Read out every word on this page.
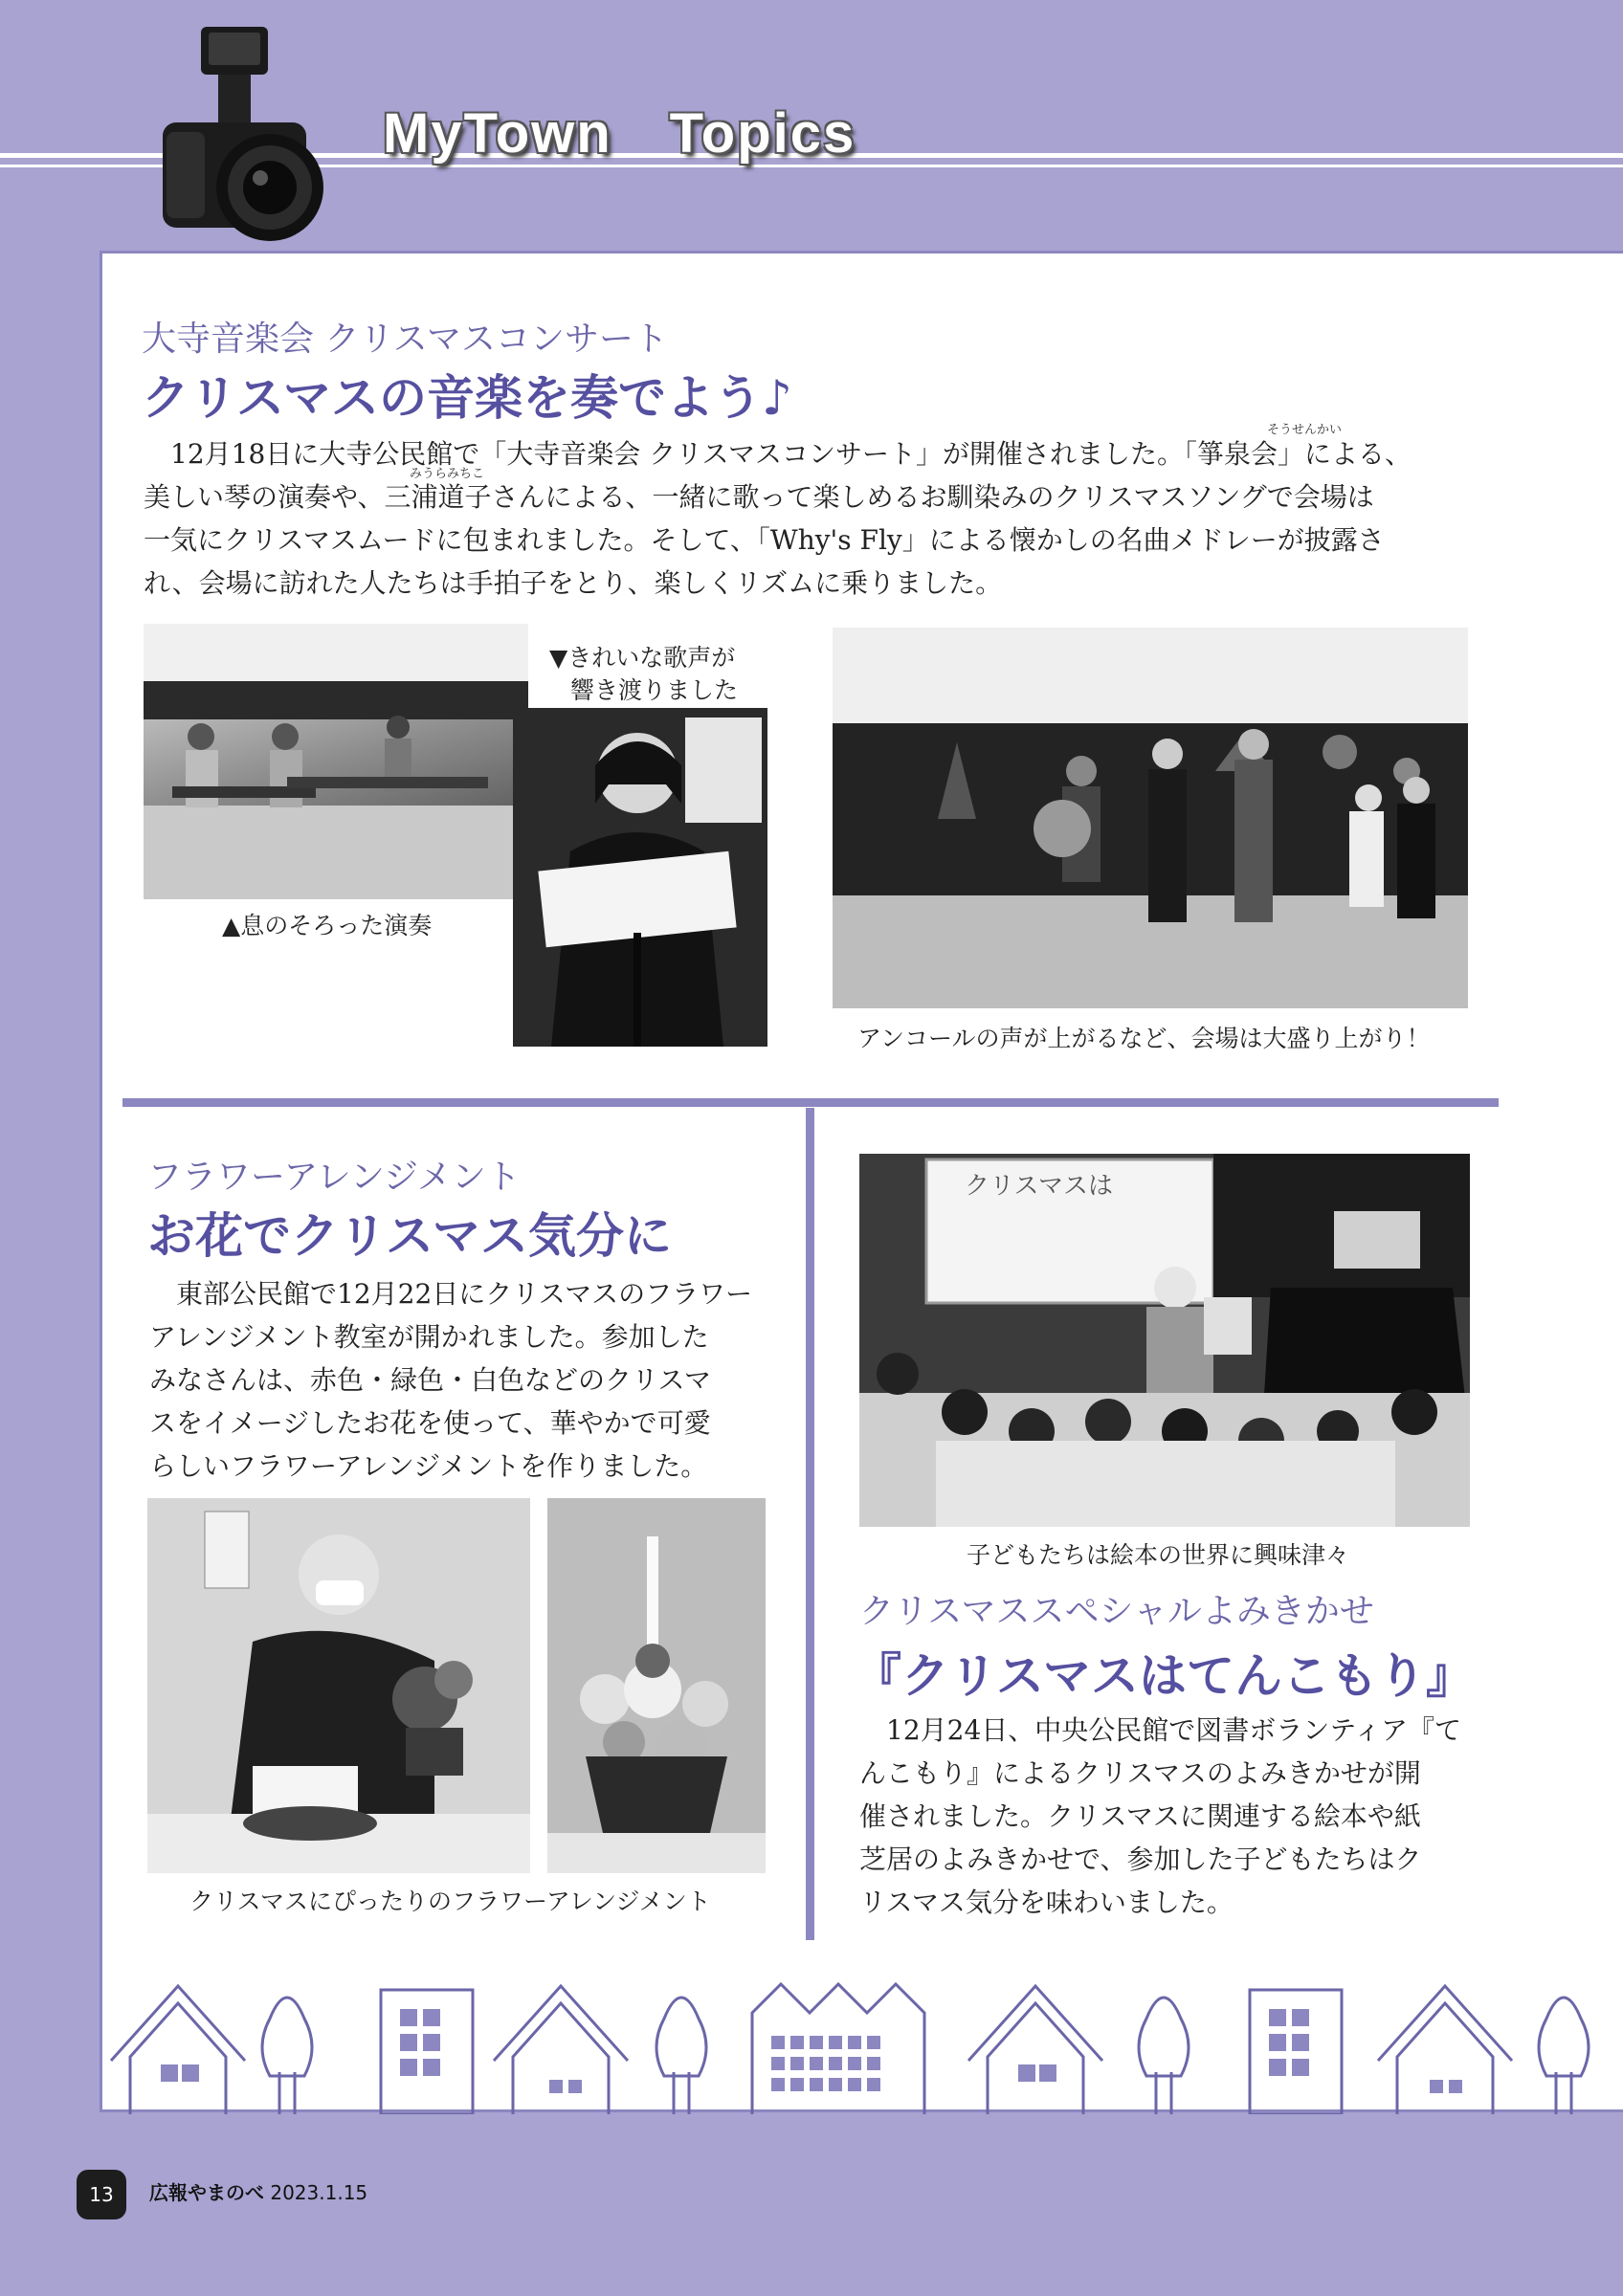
MyTown　Topics
大寺音楽会 クリスマスコンサート
クリスマスの音楽を奏でよう♪
そうせんかい
みうらみちこ

12月18日に大寺公民館で「大寺音楽会 クリスマスコンサート」が開催されました。「箏泉会」による、

美しい琴の演奏や、三浦道子さんによる、一緒に歌って楽しめるお馴染みのクリスマスソングで会場は

一気にクリスマスムードに包まれました。そして、「Why's Fly」による懐かしの名曲メドレーが披露さ

れ、会場に訪れた人たちは手拍子をとり、楽しくリズムに乗りました。

▲息のそろった演奏
▼きれいな歌声が
響き渡りました
アンコールの声が上がるなど、会場は大盛り上がり！
フラワーアレンジメント
お花でクリスマス気分に

東部公民館で12月22日にクリスマスのフラワー

アレンジメント教室が開かれました。参加した

みなさんは、赤色・緑色・白色などのクリスマ

スをイメージしたお花を使って、華やかで可愛

らしいフラワーアレンジメントを作りました。

クリスマスにぴったりのフラワーアレンジメント
クリスマスは
子どもたちは絵本の世界に興味津々
クリスマススペシャルよみきかせ
『クリスマスはてんこもり』

12月24日、中央公民館で図書ボランティア『て

んこもり』によるクリスマスのよみきかせが開

催されました。クリスマスに関連する絵本や紙

芝居のよみきかせで、参加した子どもたちはク

リスマス気分を味わいました。

13	広報やまのべ 2023.1.15
